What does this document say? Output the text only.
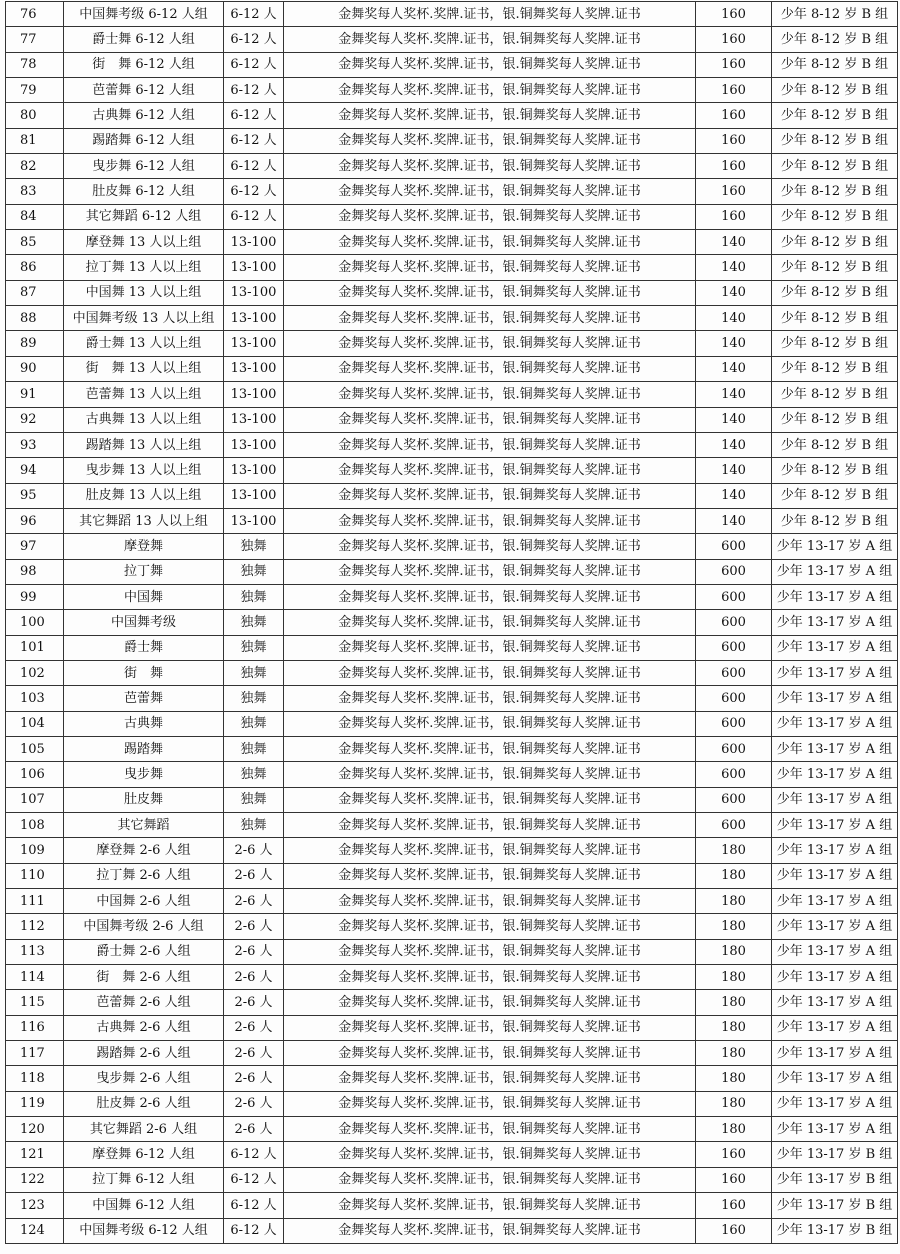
76	中国舞考级 6-12 人组	6-12 人	金舞奖每人奖杯.奖牌.证书，银.铜舞奖每人奖牌.证书	160	少年 8-12 岁 B 组
77	爵士舞 6-12 人组	6-12 人	金舞奖每人奖杯.奖牌.证书，银.铜舞奖每人奖牌.证书	160	少年 8-12 岁 B 组
78	街　舞 6-12 人组	6-12 人	金舞奖每人奖杯.奖牌.证书，银.铜舞奖每人奖牌.证书	160	少年 8-12 岁 B 组
79	芭蕾舞 6-12 人组	6-12 人	金舞奖每人奖杯.奖牌.证书，银.铜舞奖每人奖牌.证书	160	少年 8-12 岁 B 组
80	古典舞 6-12 人组	6-12 人	金舞奖每人奖杯.奖牌.证书，银.铜舞奖每人奖牌.证书	160	少年 8-12 岁 B 组
81	踢踏舞 6-12 人组	6-12 人	金舞奖每人奖杯.奖牌.证书，银.铜舞奖每人奖牌.证书	160	少年 8-12 岁 B 组
82	曳步舞 6-12 人组	6-12 人	金舞奖每人奖杯.奖牌.证书，银.铜舞奖每人奖牌.证书	160	少年 8-12 岁 B 组
83	肚皮舞 6-12 人组	6-12 人	金舞奖每人奖杯.奖牌.证书，银.铜舞奖每人奖牌.证书	160	少年 8-12 岁 B 组
84	其它舞蹈 6-12 人组	6-12 人	金舞奖每人奖杯.奖牌.证书，银.铜舞奖每人奖牌.证书	160	少年 8-12 岁 B 组
85	摩登舞 13 人以上组	13-100	金舞奖每人奖杯.奖牌.证书，银.铜舞奖每人奖牌.证书	140	少年 8-12 岁 B 组
86	拉丁舞 13 人以上组	13-100	金舞奖每人奖杯.奖牌.证书，银.铜舞奖每人奖牌.证书	140	少年 8-12 岁 B 组
87	中国舞 13 人以上组	13-100	金舞奖每人奖杯.奖牌.证书，银.铜舞奖每人奖牌.证书	140	少年 8-12 岁 B 组
88	中国舞考级 13 人以上组	13-100	金舞奖每人奖杯.奖牌.证书，银.铜舞奖每人奖牌.证书	140	少年 8-12 岁 B 组
89	爵士舞 13 人以上组	13-100	金舞奖每人奖杯.奖牌.证书，银.铜舞奖每人奖牌.证书	140	少年 8-12 岁 B 组
90	街　舞 13 人以上组	13-100	金舞奖每人奖杯.奖牌.证书，银.铜舞奖每人奖牌.证书	140	少年 8-12 岁 B 组
91	芭蕾舞 13 人以上组	13-100	金舞奖每人奖杯.奖牌.证书，银.铜舞奖每人奖牌.证书	140	少年 8-12 岁 B 组
92	古典舞 13 人以上组	13-100	金舞奖每人奖杯.奖牌.证书，银.铜舞奖每人奖牌.证书	140	少年 8-12 岁 B 组
93	踢踏舞 13 人以上组	13-100	金舞奖每人奖杯.奖牌.证书，银.铜舞奖每人奖牌.证书	140	少年 8-12 岁 B 组
94	曳步舞 13 人以上组	13-100	金舞奖每人奖杯.奖牌.证书，银.铜舞奖每人奖牌.证书	140	少年 8-12 岁 B 组
95	肚皮舞 13 人以上组	13-100	金舞奖每人奖杯.奖牌.证书，银.铜舞奖每人奖牌.证书	140	少年 8-12 岁 B 组
96	其它舞蹈 13 人以上组	13-100	金舞奖每人奖杯.奖牌.证书，银.铜舞奖每人奖牌.证书	140	少年 8-12 岁 B 组
97	摩登舞	独舞	金舞奖每人奖杯.奖牌.证书，银.铜舞奖每人奖牌.证书	600	少年 13-17 岁 A 组
98	拉丁舞	独舞	金舞奖每人奖杯.奖牌.证书，银.铜舞奖每人奖牌.证书	600	少年 13-17 岁 A 组
99	中国舞	独舞	金舞奖每人奖杯.奖牌.证书，银.铜舞奖每人奖牌.证书	600	少年 13-17 岁 A 组
100	中国舞考级	独舞	金舞奖每人奖杯.奖牌.证书，银.铜舞奖每人奖牌.证书	600	少年 13-17 岁 A 组
101	爵士舞	独舞	金舞奖每人奖杯.奖牌.证书，银.铜舞奖每人奖牌.证书	600	少年 13-17 岁 A 组
102	街　舞	独舞	金舞奖每人奖杯.奖牌.证书，银.铜舞奖每人奖牌.证书	600	少年 13-17 岁 A 组
103	芭蕾舞	独舞	金舞奖每人奖杯.奖牌.证书，银.铜舞奖每人奖牌.证书	600	少年 13-17 岁 A 组
104	古典舞	独舞	金舞奖每人奖杯.奖牌.证书，银.铜舞奖每人奖牌.证书	600	少年 13-17 岁 A 组
105	踢踏舞	独舞	金舞奖每人奖杯.奖牌.证书，银.铜舞奖每人奖牌.证书	600	少年 13-17 岁 A 组
106	曳步舞	独舞	金舞奖每人奖杯.奖牌.证书，银.铜舞奖每人奖牌.证书	600	少年 13-17 岁 A 组
107	肚皮舞	独舞	金舞奖每人奖杯.奖牌.证书，银.铜舞奖每人奖牌.证书	600	少年 13-17 岁 A 组
108	其它舞蹈	独舞	金舞奖每人奖杯.奖牌.证书，银.铜舞奖每人奖牌.证书	600	少年 13-17 岁 A 组
109	摩登舞 2-6 人组	2-6 人	金舞奖每人奖杯.奖牌.证书，银.铜舞奖每人奖牌.证书	180	少年 13-17 岁 A 组
110	拉丁舞 2-6 人组	2-6 人	金舞奖每人奖杯.奖牌.证书，银.铜舞奖每人奖牌.证书	180	少年 13-17 岁 A 组
111	中国舞 2-6 人组	2-6 人	金舞奖每人奖杯.奖牌.证书，银.铜舞奖每人奖牌.证书	180	少年 13-17 岁 A 组
112	中国舞考级 2-6 人组	2-6 人	金舞奖每人奖杯.奖牌.证书，银.铜舞奖每人奖牌.证书	180	少年 13-17 岁 A 组
113	爵士舞 2-6 人组	2-6 人	金舞奖每人奖杯.奖牌.证书，银.铜舞奖每人奖牌.证书	180	少年 13-17 岁 A 组
114	街　舞 2-6 人组	2-6 人	金舞奖每人奖杯.奖牌.证书，银.铜舞奖每人奖牌.证书	180	少年 13-17 岁 A 组
115	芭蕾舞 2-6 人组	2-6 人	金舞奖每人奖杯.奖牌.证书，银.铜舞奖每人奖牌.证书	180	少年 13-17 岁 A 组
116	古典舞 2-6 人组	2-6 人	金舞奖每人奖杯.奖牌.证书，银.铜舞奖每人奖牌.证书	180	少年 13-17 岁 A 组
117	踢踏舞 2-6 人组	2-6 人	金舞奖每人奖杯.奖牌.证书，银.铜舞奖每人奖牌.证书	180	少年 13-17 岁 A 组
118	曳步舞 2-6 人组	2-6 人	金舞奖每人奖杯.奖牌.证书，银.铜舞奖每人奖牌.证书	180	少年 13-17 岁 A 组
119	肚皮舞 2-6 人组	2-6 人	金舞奖每人奖杯.奖牌.证书，银.铜舞奖每人奖牌.证书	180	少年 13-17 岁 A 组
120	其它舞蹈 2-6 人组	2-6 人	金舞奖每人奖杯.奖牌.证书，银.铜舞奖每人奖牌.证书	180	少年 13-17 岁 A 组
121	摩登舞 6-12 人组	6-12 人	金舞奖每人奖杯.奖牌.证书，银.铜舞奖每人奖牌.证书	160	少年 13-17 岁 B 组
122	拉丁舞 6-12 人组	6-12 人	金舞奖每人奖杯.奖牌.证书，银.铜舞奖每人奖牌.证书	160	少年 13-17 岁 B 组
123	中国舞 6-12 人组	6-12 人	金舞奖每人奖杯.奖牌.证书，银.铜舞奖每人奖牌.证书	160	少年 13-17 岁 B 组
124	中国舞考级 6-12 人组	6-12 人	金舞奖每人奖杯.奖牌.证书，银.铜舞奖每人奖牌.证书	160	少年 13-17 岁 B 组
